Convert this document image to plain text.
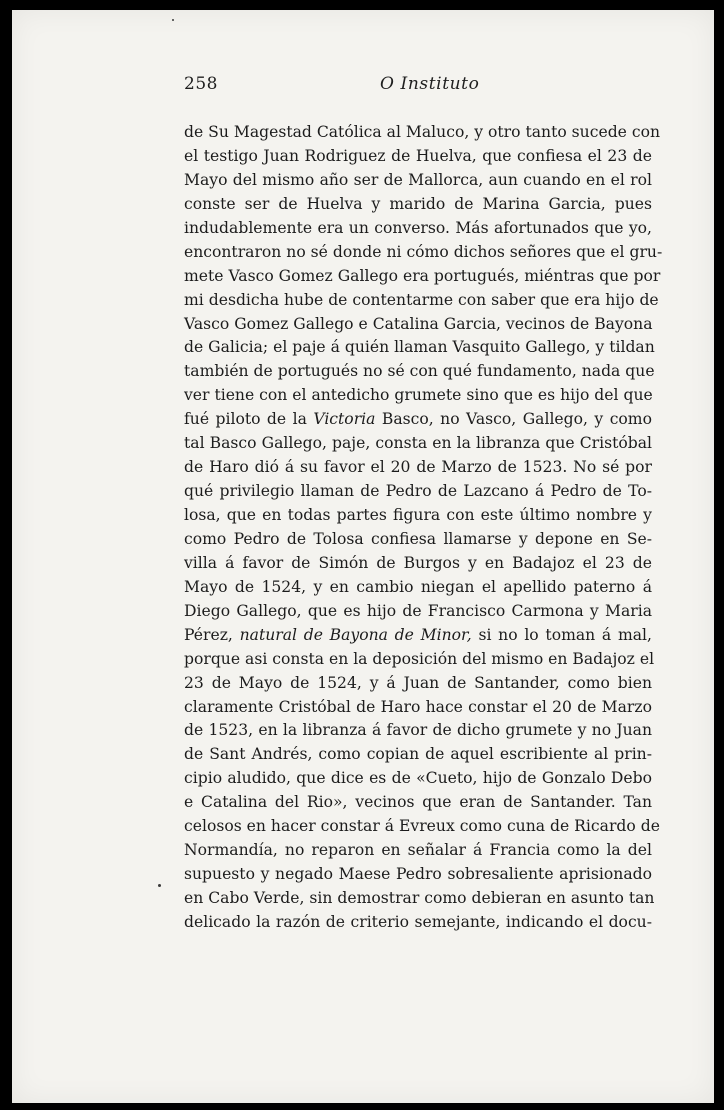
258	O Instituto
de Su Magestad Católica al Maluco, y otro tanto sucede con
el testigo Juan Rodriguez de Huelva, que confiesa el 23 de
Mayo del mismo año ser de Mallorca, aun cuando en el rol
conste ser de Huelva y marido de Marina Garcia, pues
indudablemente era un converso. Más afortunados que yo,
encontraron no sé donde ni cómo dichos señores que el gru-
mete Vasco Gomez Gallego era portugués, miéntras que por
mi desdicha hube de contentarme con saber que era hijo de
Vasco Gomez Gallego e Catalina Garcia, vecinos de Bayona
de Galicia; el paje á quién llaman Vasquito Gallego, y tildan
también de portugués no sé con qué fundamento, nada que
ver tiene con el antedicho grumete sino que es hijo del que
fué piloto de la Victoria Basco, no Vasco, Gallego, y como
tal Basco Gallego, paje, consta en la libranza que Cristóbal
de Haro dió á su favor el 20 de Marzo de 1523. No sé por
qué privilegio llaman de Pedro de Lazcano á Pedro de To-
losa, que en todas partes figura con este último nombre y
como Pedro de Tolosa confiesa llamarse y depone en Se-
villa á favor de Simón de Burgos y en Badajoz el 23 de
Mayo de 1524, y en cambio niegan el apellido paterno á
Diego Gallego, que es hijo de Francisco Carmona y Maria
Pérez, natural de Bayona de Minor, si no lo toman á mal,
porque asi consta en la deposición del mismo en Badajoz el
23 de Mayo de 1524, y á Juan de Santander, como bien
claramente Cristóbal de Haro hace constar el 20 de Marzo
de 1523, en la libranza á favor de dicho grumete y no Juan
de Sant Andrés, como copian de aquel escribiente al prin-
cipio aludido, que dice es de «Cueto, hijo de Gonzalo Debo
e Catalina del Rio», vecinos que eran de Santander. Tan
celosos en hacer constar á Evreux como cuna de Ricardo de
Normandía, no reparon en señalar á Francia como la del
supuesto y negado Maese Pedro sobresaliente aprisionado
en Cabo Verde, sin demostrar como debieran en asunto tan
delicado la razón de criterio semejante, indicando el docu-
